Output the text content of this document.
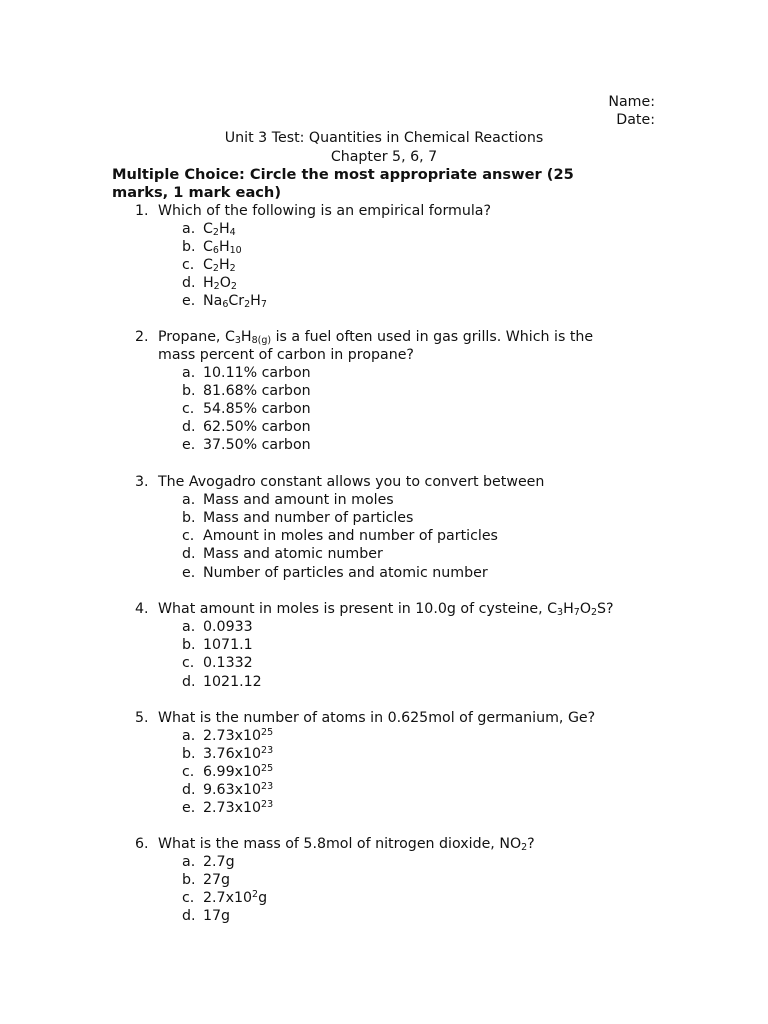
Name:
Date:
Unit 3 Test: Quantities in Chemical Reactions
Chapter 5, 6, 7
Multiple Choice: Circle the most appropriate answer (25
marks, 1 mark each)
1. Which of the following is an empirical formula?
a. $C_2H_4$
b. $C_6H_{10}$
c. $C_2H_2$
d. $H_2O_2$
e. $Na_6Cr_2H_7$
2. Propane, $C_3H_{8(g)}$ is a fuel often used in gas grills. Which is the
mass percent of carbon in propane?
a. 10.11% carbon
b. 81.68% carbon
c. 54.85% carbon
d. 62.50% carbon
e. 37.50% carbon
3. The Avogadro constant allows you to convert between
a. Mass and amount in moles
b. Mass and number of particles
c. Amount in moles and number of particles
d. Mass and atomic number
e. Number of particles and atomic number
4. What amount in moles is present in 10.0g of cysteine, $C_3H_7O_2S$?
a. 0.0933
b. 1071.1
c. 0.1332
d. 1021.12
5. What is the number of atoms in 0.625mol of germanium, Ge?
a. $2.73x10^{25}$
b. $3.76x10^{23}$
c. $6.99x10^{25}$
d. $9.63x10^{23}$
e. $2.73x10^{23}$
6. What is the mass of 5.8mol of nitrogen dioxide, $NO_2$?
a. 2.7g
b. 27g
c. $2.7x10^2g$
d. 17g
